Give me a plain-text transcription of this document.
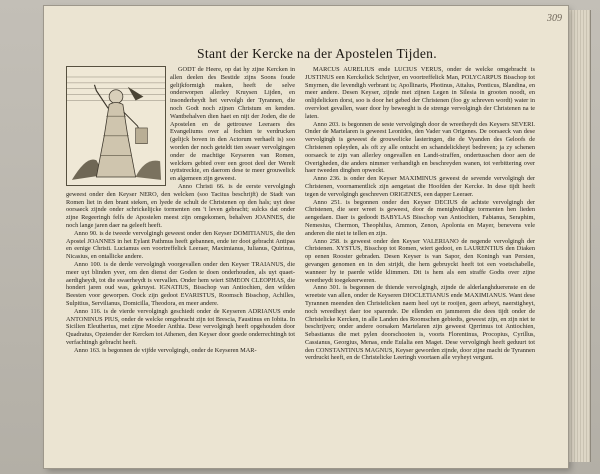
309
Stant der Kercke na der Apostelen Tijden.

GODT de Heere, op dat hy zijne Kercken in allen deelen des Bestide zijns Soons foude gelijkformigh maken, heeft de selve onderworpen allerley Kruysen Lijden, en insonderheydt het vervolgh der Tyrannen, die noch Godt noch zijnen Christum en kenden. Wantbehalven dien haet en nijt der Joden, die de Apostelen en de gettrouwe Leeraers des Evangeliums over al fochten te verdrucken (gelijck boven in den Actorum verhaelt is) soo worden der noch geteldt tien swaer vervolgingen onder de machtige Keyseren van Romen, welckers gebied over een groot deel der Werelt uyttstreckte, en daerom dese te meer grouwelick en algemeen zijn geweest.

Anno Christi 66. is de eerste vervolgingh geweest onder den Keyser NERO, den welcken (soo Tacitus beschrijft) de Stadt van Romen liet in den brant steken, en lyede de schult de Christenen op den hals; uyt dese oorsaeck zijnde onder schrickelijcke tormenten om 't leven gebracht; sulcks dat onder zijne Regeeringh felfs de Apostelen meest zijn omgekomen, behalven JOANNES, die noch lange jaren daer na geleeft heeft.

Anno 90. is de tweede vervolgingh geweest onder den Keyser DOMITIANUS, die den Apostel JOANNES in het Eylant Pathmus heeft gebannen, ende ter doot gebracht Antipas en eenige Christi. Luciamus een voortreffelick Leeraer, Maximianus, Iulianus, Quirinus, Nicasius, en ontallicke andere.

Anno 100. is de derde vervolgingh voorgevallen onder den Keyser TRAIANUS, die meer uyt blinden yver, om den dienst der Goden te doen onderhouden, als uyt quaet-aerdigheydt, tot die swaerheydt is vervallen. Onder hem wiert SIMEON CLEOPHAS, die hondert jaren oud was, gekruyst. IGNATIUS, Bisschop van Antiochien, den wilden Beesten voor geworpen. Oock zijn gedoot EVARISTUS, Roomsch Bisschop, Achilles, Sulpitius, Servilianus, Domicilla, Theodora, en meer andere.

Anno 116. is de vierde vervolgingh geschiedt onder de Keyseren ADRIANUS ende ANTONINUS PIUS, onder de welcke omgebracht zijn tot Brescia, Faustinus en Iobita. In Sicilien Eleutherius, met zijne Moeder Anthia. Dese vervolgingh heeft opgehouden door Quadratus, Opziender der Kercken tot Athenen, den Keyser door goede onderrechtingh tot verfachtingh gebracht heeft.

Anno 163. is begonnen de vijfde vervolgingh, onder de Keyseren MAR-

MARCUS AURELIUS ende LUCIUS VERUS, onder de welcke omgebracht is JUSTINUS een Kerckelick Schrijver, en voortreffelick Man, POLYCARPUS Bisschop tot Smyrnen, die levendigh verbrant is; Apollinaris, Photinus, Attalus, Ponticus, Blandina, en meer andere. Desen Keyser, zijnde met zijnen Legen in Silesia in grooten noodt, en onlijdelicken dorst, soo is door het gebed der Christenen (foo gy schreven wordt) water in overvloet gevallen, waer door hy beweeght is de strenge vervolgingh der Christenen na te laten.

Anno 203. is begonnen de seste vervolgingh door de wreetheydt des Keysers SEVERI. Onder de Martelaren is geweest Leonides, den Vader van Origenes. De oorsaeck van dese vervolgingh is geweest de grouwelicke lasteringen, die de Vyanden des Geloofs de Christenen opleyden, als oft zy alle ontucht en schandelickheyt bedreven; ja zy schenen oorsaeck te zijn van allerley ongevallen en Landt-straffen, ondertusschen door aen de Overigheden, die anders nimmer verhandigh en beschreyden wanen, tot verbittering over haer tweeden dinghen opweckt.

Anno 236. is onder den Keyser MAXIMINUS geweest de sevende vervolgingh der Christenen, voornamentlick zijn aengetast die Hoofden der Kercke. In dese tijdt heeft tegen de vervolgingh geschreven ORIGENES, een dapper Leeraer.

Anno 251. is begonnen onder den Keyser DECIUS de achtste vervolgingh der Christenen, die seer wreet is geweest, door de menighvuldige tormenten hen lieden aengedaen. Daer is gedoodt BABYLAS Bisschop van Antiochien, Fabianus, Seraphim, Nemesius, Chermon, Theophilus, Ammon, Zenon, Apolonia en Mayer, benevens vele anderen die niet te tellen en zijn.

Anno 258. is geweest onder den Keyser VALERIANO de negende vervolgingh der Christenen. XYSTUS, Bisschop tot Romen, wiert gedoot, en LAURENTIUS den Diaken op eenen Rooster gebraden. Desen Keyser is van Sapor, den Koningh van Persien, gevangen genomen en in den strijdt, die hem gebruyckt heeft tot een voetschabelle, wanneer hy te paerde wilde klimmen. Dit is hem als een straffe Godts over zijne wreetheydt toegekeerweren.

Anno 301. is begonnen de thiende vervolgingh, zijnde de alderlanghduerenste en de wreetste van allen, onder de Keyseren DIOCLETIANUS ende MAXIMIANUS. Want dese Tyrannen meenden den Christelicken naem heel uyt te rooijen, geen arbeyt, naerstigheyt, noch wreedheyt daer toe sparende. De ellenden en jammeren die dees tijdt onder de Christelicke Kercken, in alle Landen des Roomschen gebiedts, geweest zijn, en zijn niet te beschrijven; onder andere oorsaken Martelaren zijn geweest Qprrimus tot Antiochien, Sebastianus die met pylen doorschooten is, voorts Florentinus, Procopius, Cyrillus, Cassianus, Georgius, Menas, ende Eulalia een Maget. Dese vervolgingh heeft geduurt tot den CONSTANTINUS MAGNUS, Keyser geworden zijnde, door zijne macht de Tyrannen verdruckt heeft, en de Christelicke Leeringh voortaen alle vryheyt vergunt.
